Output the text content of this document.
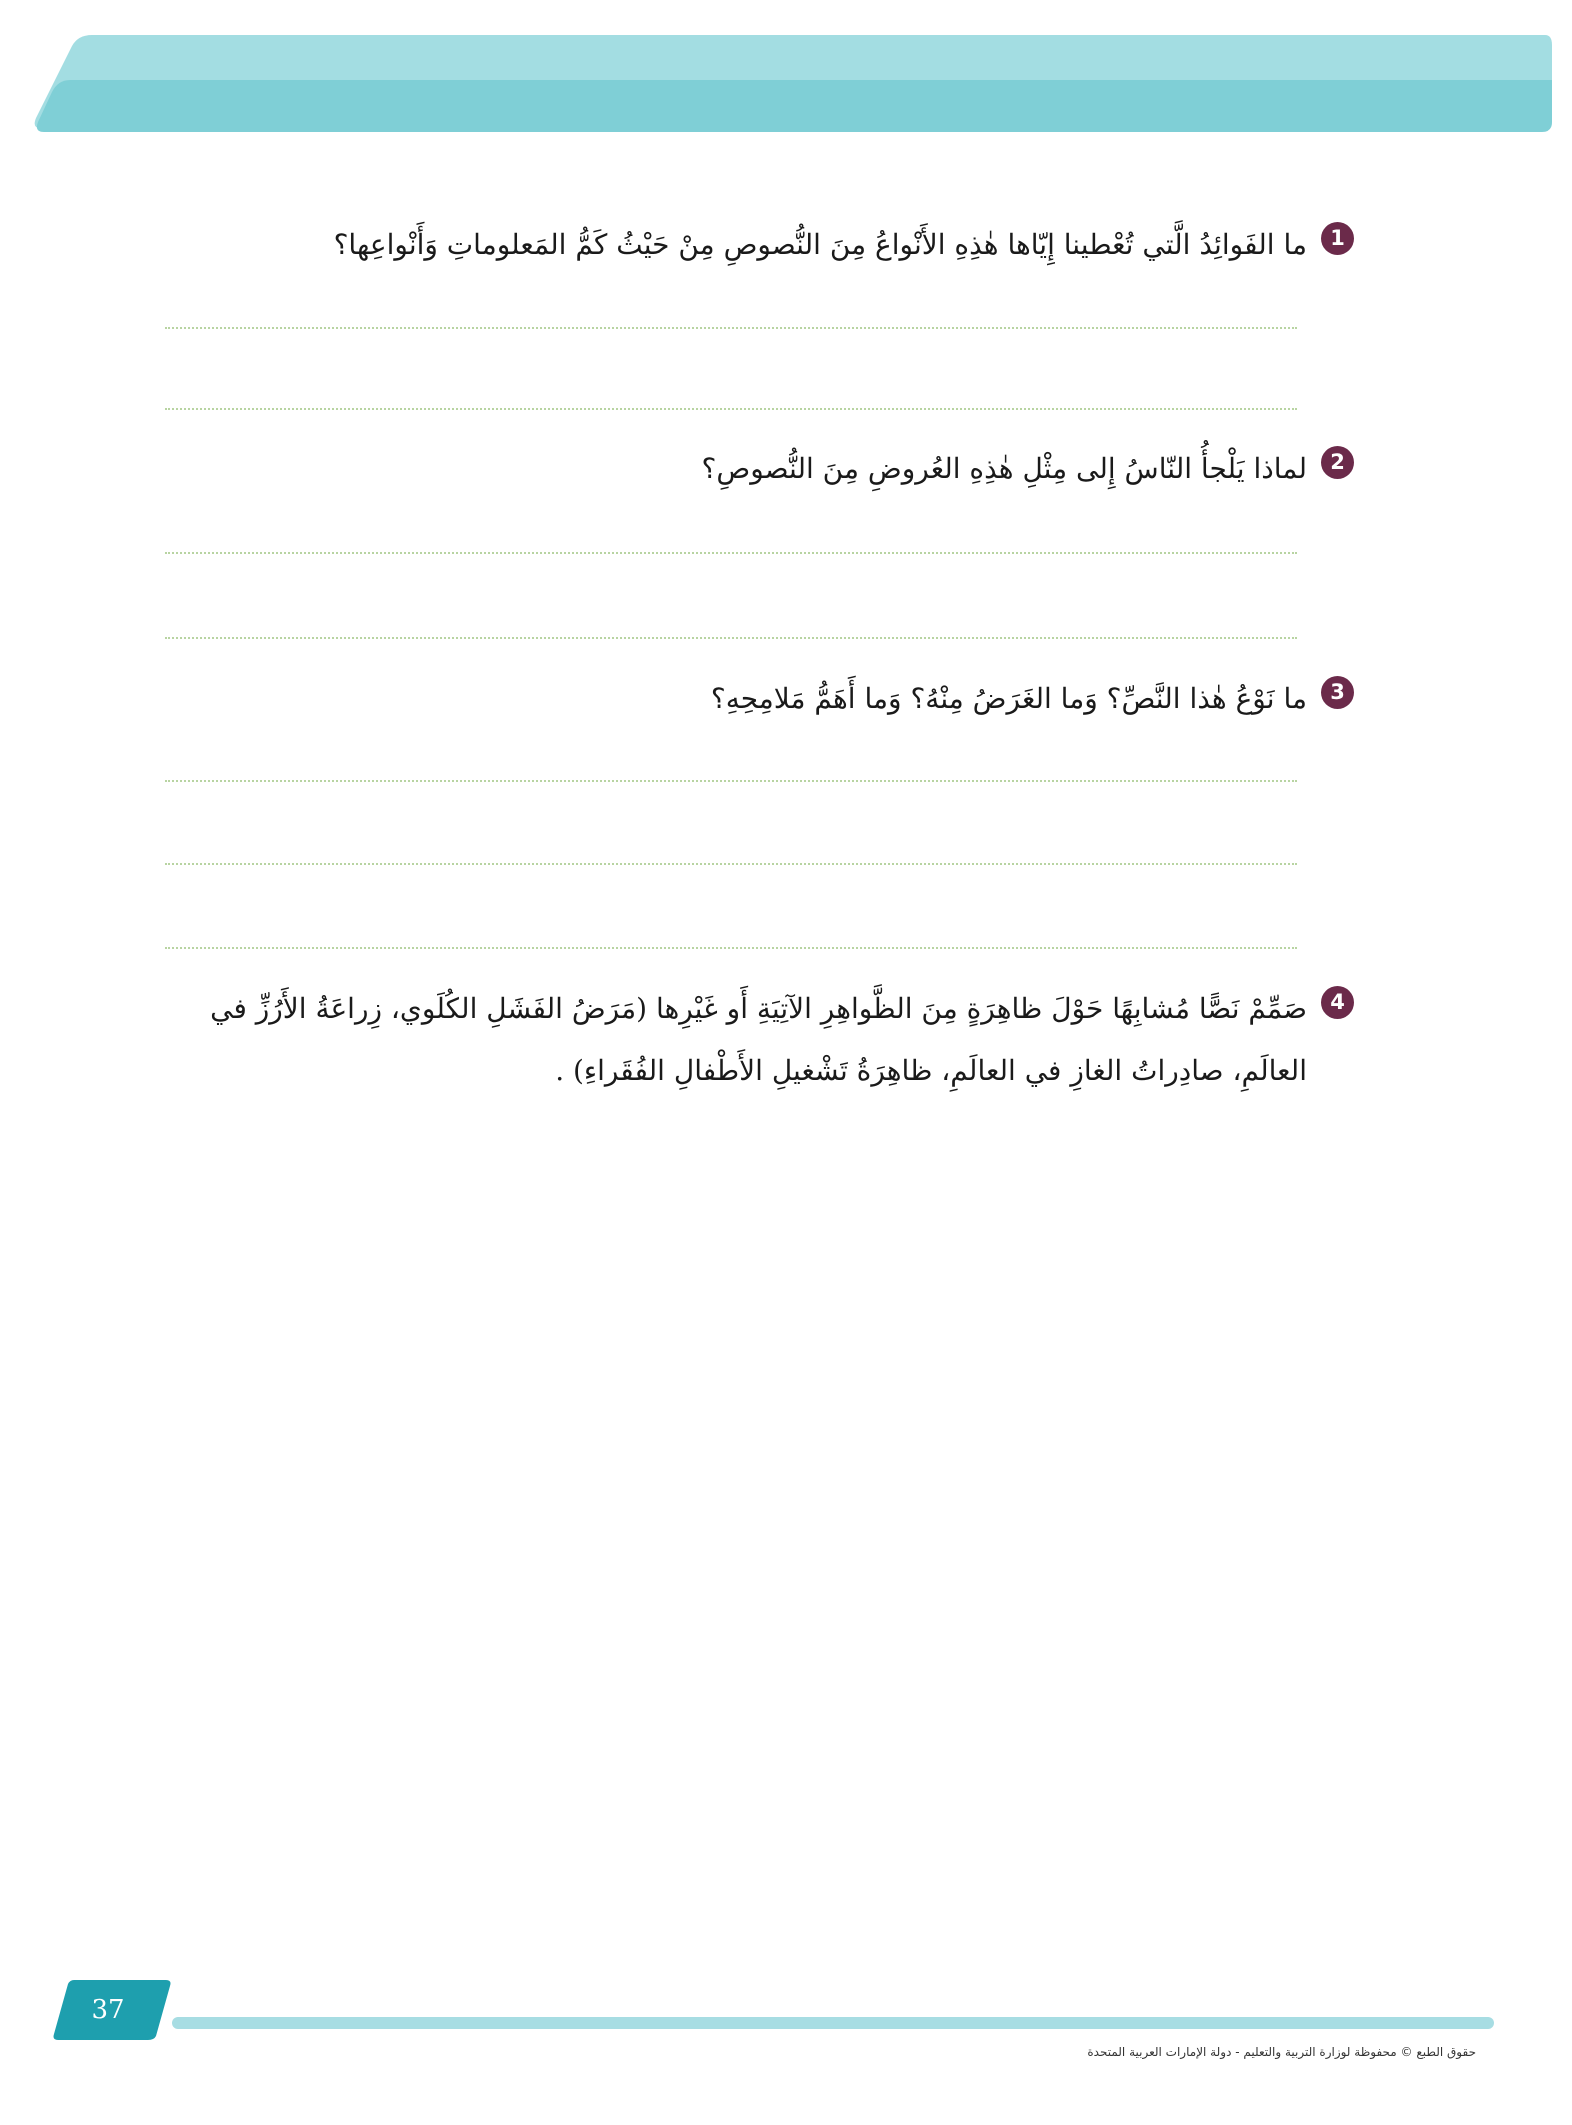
1
ما الفَوائِدُ الَّتي تُعْطينا إِيّاها هٰذِهِ الأَنْواعُ مِنَ النُّصوصِ مِنْ حَيْثُ كَمُّ المَعلوماتِ وَأَنْواعِها؟
2
لماذا يَلْجأُ النّاسُ إِلى مِثْلِ هٰذِهِ العُروضِ مِنَ النُّصوصِ؟
3
ما نَوْعُ هٰذا النَّصِّ؟ وَما الغَرَضُ مِنْهُ؟ وَما أَهَمُّ مَلامِحِهِ؟
4
صَمِّمْ نَصًّا مُشابِهًا حَوْلَ ظاهِرَةٍ مِنَ الظَّواهِرِ الآتِيَةِ أَو غَيْرِها (مَرَضُ الفَشَلِ الكُلَوي، زِراعَةُ الأَرُزِّ في العالَمِ، صادِراتُ الغازِ في العالَمِ، ظاهِرَةُ تَشْغيلِ الأَطْفالِ الفُقَراءِ) .
37
حقوق الطبع © محفوظة لوزارة التربية والتعليم - دولة الإمارات العربية المتحدة
